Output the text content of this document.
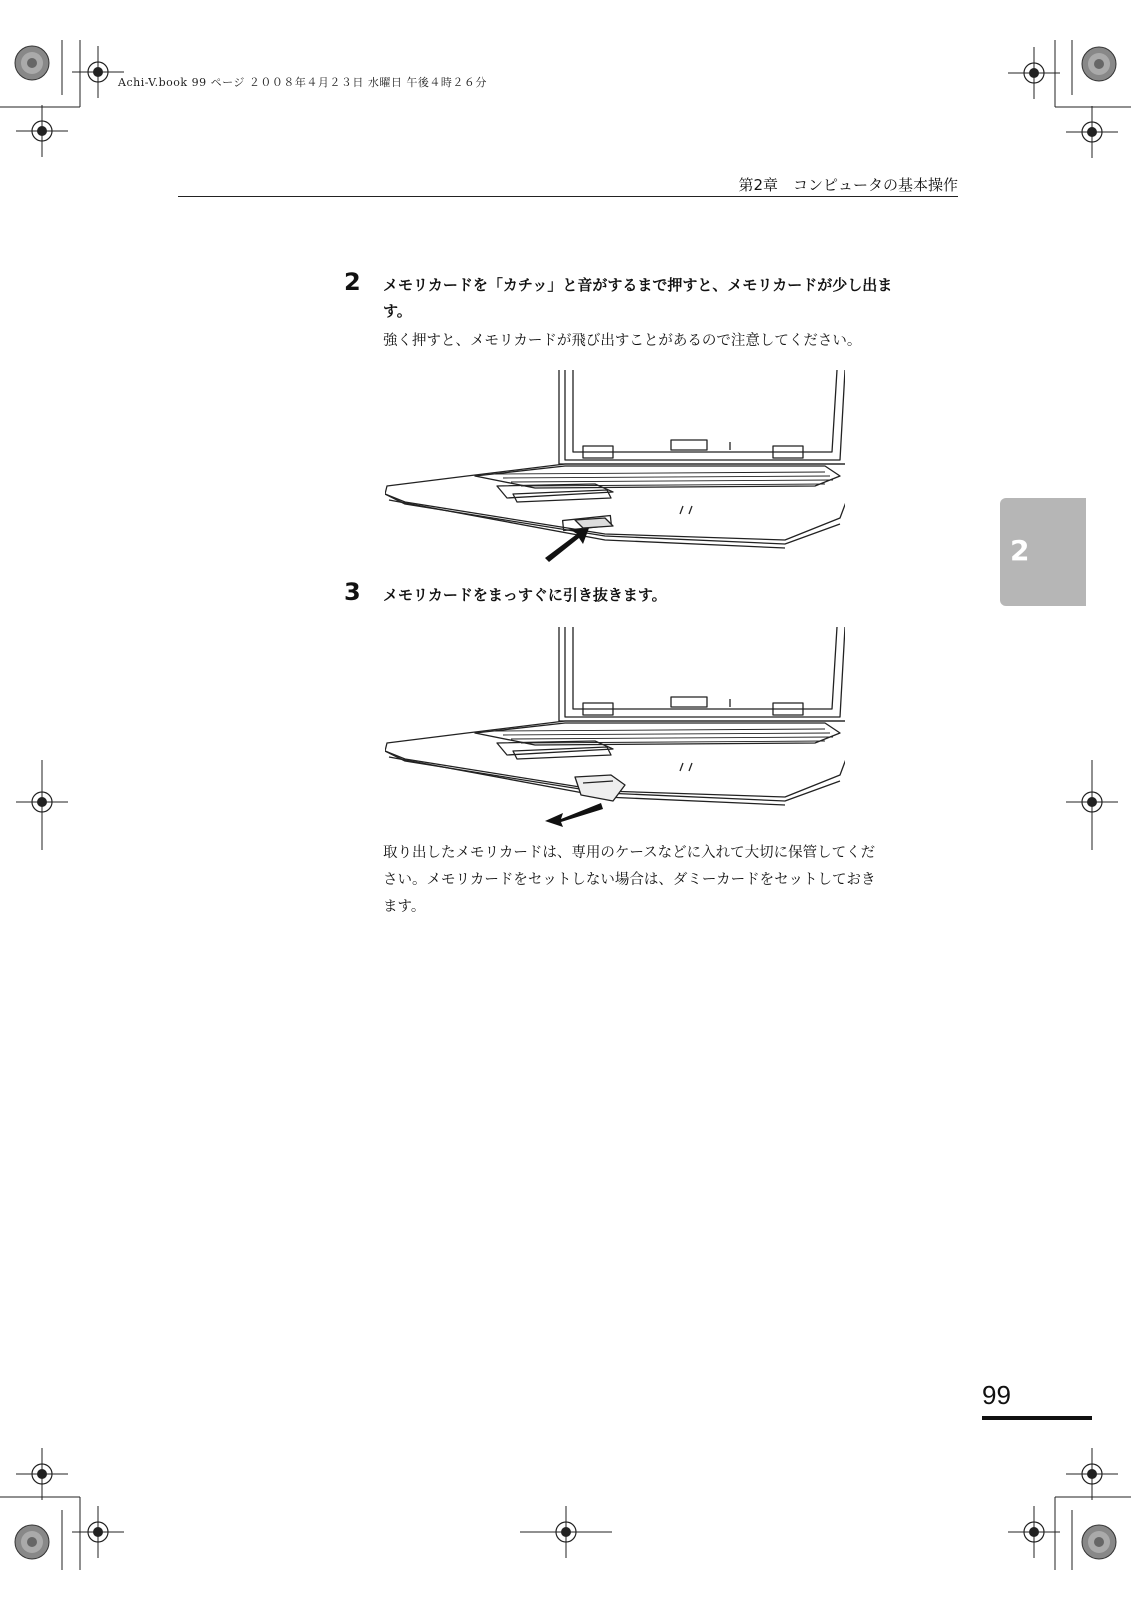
Achi-V.book 99 ページ ２００８年４月２３日 水曜日 午後４時２６分
第2章　コンピュータの基本操作
2
2 メモリカードを「カチッ」と音がするまで押すと、メモリカードが少し出ま
す。
強く押すと、メモリカードが飛び出すことがあるので注意してください。
3 メモリカードをまっすぐに引き抜きます。
取り出したメモリカードは、専用のケースなどに入れて大切に保管してくだ
さい。メモリカードをセットしない場合は、ダミーカードをセットしておき
ます。
99
